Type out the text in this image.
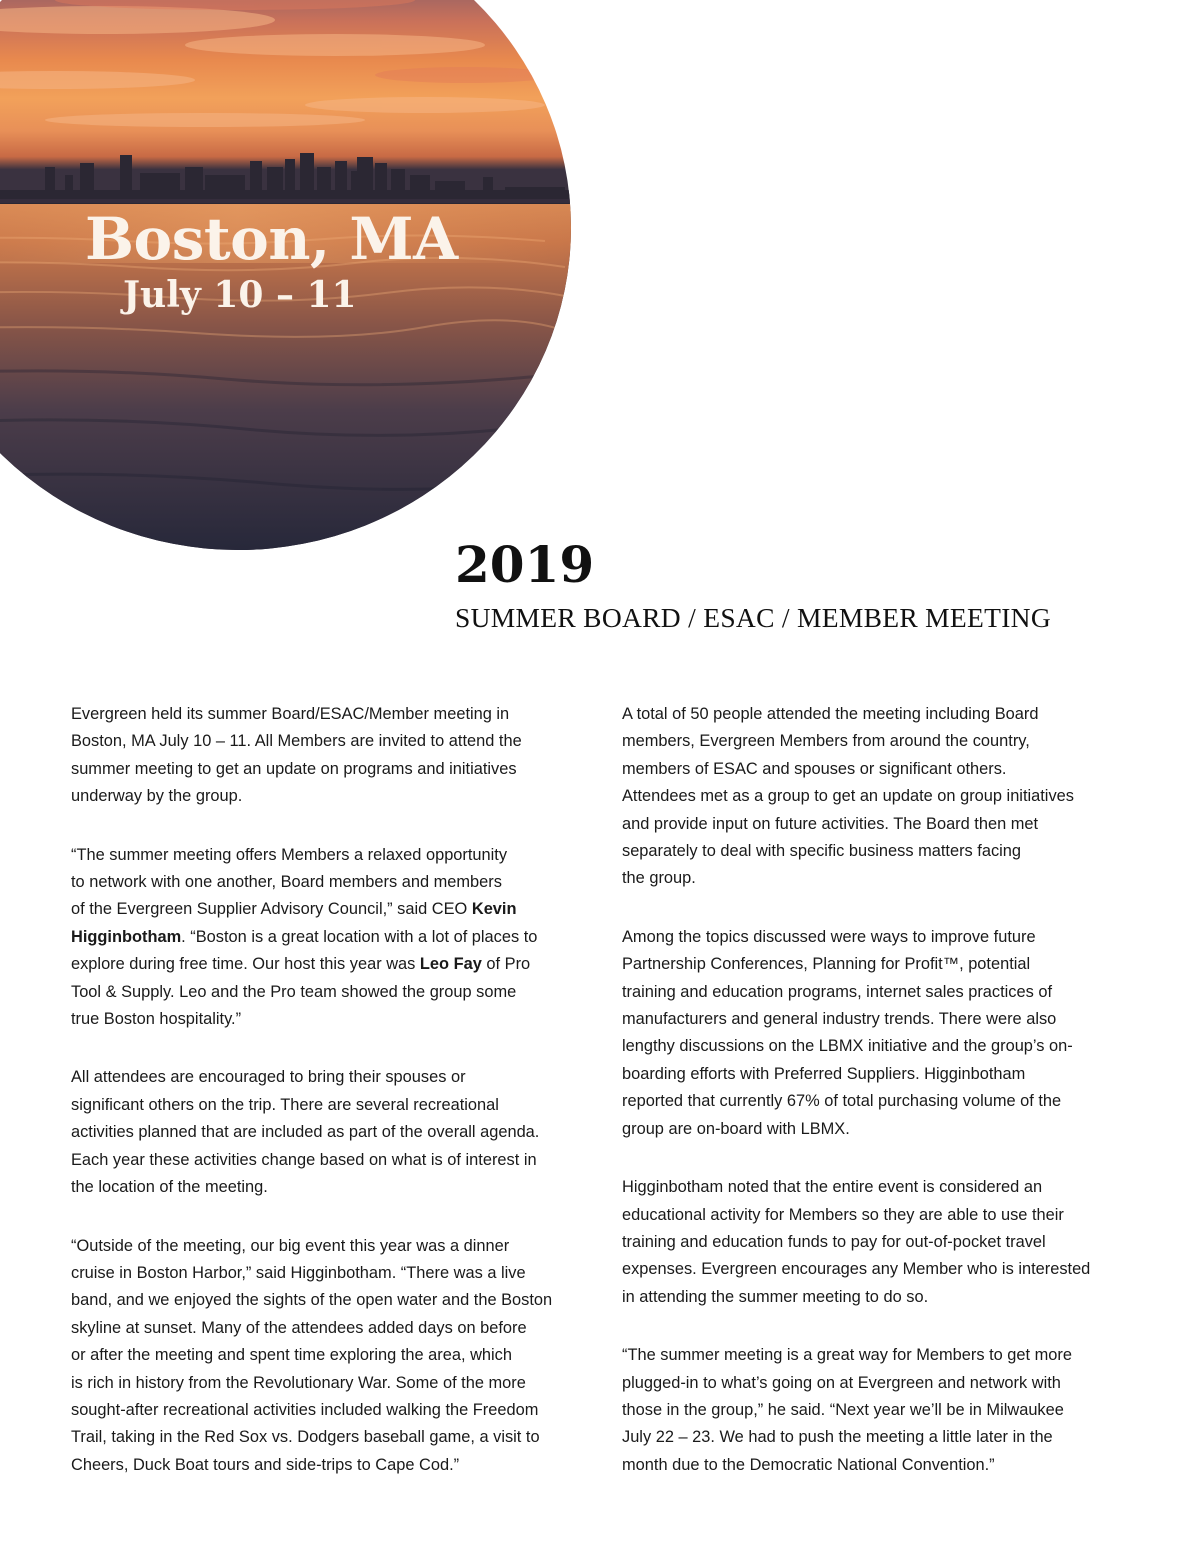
Boston, MA

July 10 – 11

2019
SUMMER BOARD / ESAC / MEMBER MEETING

Evergreen held its summer Board/ESAC/Member meeting in
Boston, MA July 10 – 11. All Members are invited to attend the
summer meeting to get an update on programs and initiatives
underway by the group.

“The summer meeting offers Members a relaxed opportunity
to network with one another, Board members and members
of the Evergreen Supplier Advisory Council,” said CEO Kevin
Higginbotham. “Boston is a great location with a lot of places to
explore during free time. Our host this year was Leo Fay of Pro
Tool & Supply. Leo and the Pro team showed the group some
true Boston hospitality.”

All attendees are encouraged to bring their spouses or
significant others on the trip. There are several recreational
activities planned that are included as part of the overall agenda.
Each year these activities change based on what is of interest in
the location of the meeting.

“Outside of the meeting, our big event this year was a dinner
cruise in Boston Harbor,” said Higginbotham. “There was a live
band, and we enjoyed the sights of the open water and the Boston
skyline at sunset. Many of the attendees added days on before
or after the meeting and spent time exploring the area, which
is rich in history from the Revolutionary War. Some of the more
sought-after recreational activities included walking the Freedom
Trail, taking in the Red Sox vs. Dodgers baseball game, a visit to
Cheers, Duck Boat tours and side-trips to Cape Cod.”

A total of 50 people attended the meeting including Board
members, Evergreen Members from around the country,
members of ESAC and spouses or significant others.
Attendees met as a group to get an update on group initiatives
and provide input on future activities. The Board then met
separately to deal with specific business matters facing
the group.

Among the topics discussed were ways to improve future
Partnership Conferences, Planning for Profit™, potential
training and education programs, internet sales practices of
manufacturers and general industry trends. There were also
lengthy discussions on the LBMX initiative and the group’s on-
boarding efforts with Preferred Suppliers. Higginbotham
reported that currently 67% of total purchasing volume of the
group are on-board with LBMX.

Higginbotham noted that the entire event is considered an
educational activity for Members so they are able to use their
training and education funds to pay for out-of-pocket travel
expenses. Evergreen encourages any Member who is interested
in attending the summer meeting to do so.

“The summer meeting is a great way for Members to get more
plugged-in to what’s going on at Evergreen and network with
those in the group,” he said. “Next year we’ll be in Milwaukee
July 22 – 23. We had to push the meeting a little later in the
month due to the Democratic National Convention.”
